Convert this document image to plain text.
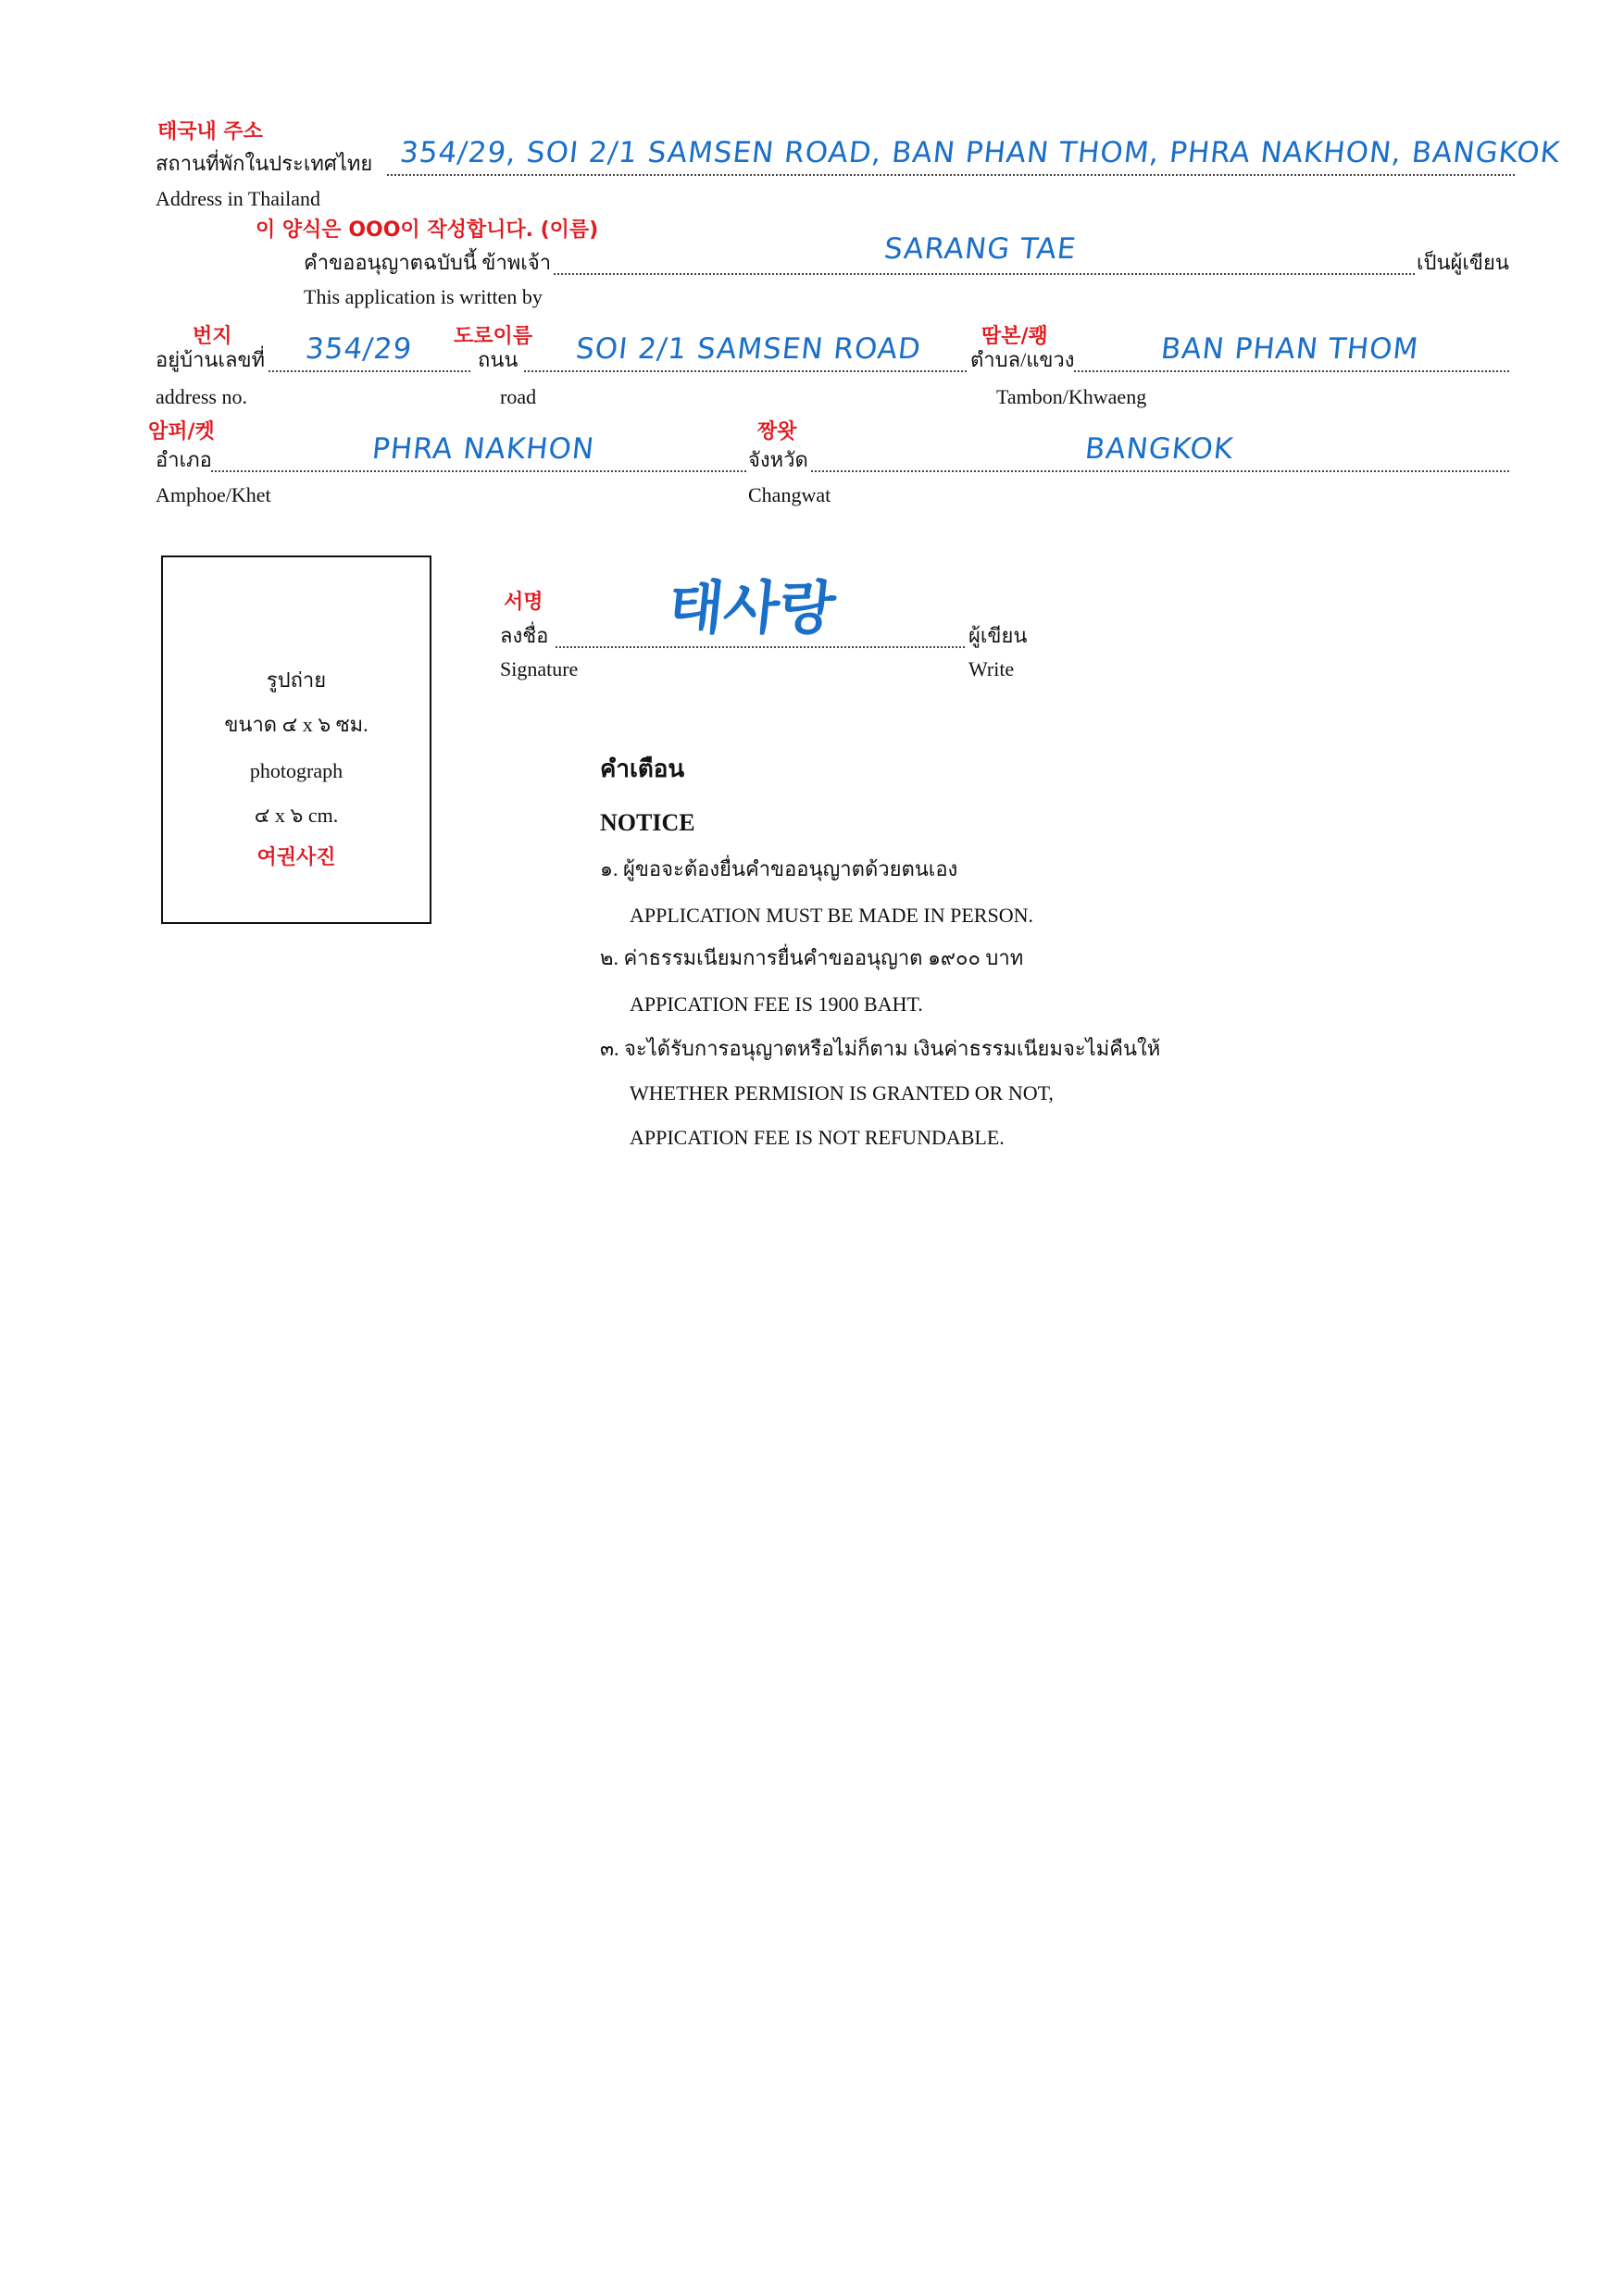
태국내 주소
สถานที่พักในประเทศไทย 354/29, SOI 2/1 SAMSEN ROAD, BAN PHAN THOM, PHRA NAKHON, BANGKOK
Address in Thailand
이 양식은 OOO이 작성합니다. (이름)
คำขออนุญาตฉบับนี้ ข้าพเจ้า	SARANG TAE	เป็นผู้เขียน
This application is written by
번지
อยู่บ้านเลขที่ 354/29
address no.
도로이름
ถนน SOI 2/1 SAMSEN ROAD
road
땀본/쾡
ตำบล/แขวง	BAN PHAN THOM
Tambon/Khwaeng
암퍼/켓
อำเภอ	PHRA NAKHON
Amphoe/Khet
짱왓
จังหวัด	BANGKOK
Changwat
รูปถ่าย
ขนาด ๔ x ๖ ซม.
photograph
๔ x ๖ cm.
여권사진
서명
ลงชื่อ 태사랑	ผู้เขียน
Signature	Write
คำเตือน
NOTICE
๑. ผู้ขอจะต้องยื่นคำขออนุญาตด้วยตนเอง
APPLICATION MUST BE MADE IN PERSON.
๒. ค่าธรรมเนียมการยื่นคำขออนุญาต ๑๙๐๐ บาท
APPICATION FEE IS 1900 BAHT.
๓. จะได้รับการอนุญาตหรือไม่ก็ตาม เงินค่าธรรมเนียมจะไม่คืนให้
WHETHER PERMISION IS GRANTED OR NOT,
APPICATION FEE IS NOT REFUNDABLE.
